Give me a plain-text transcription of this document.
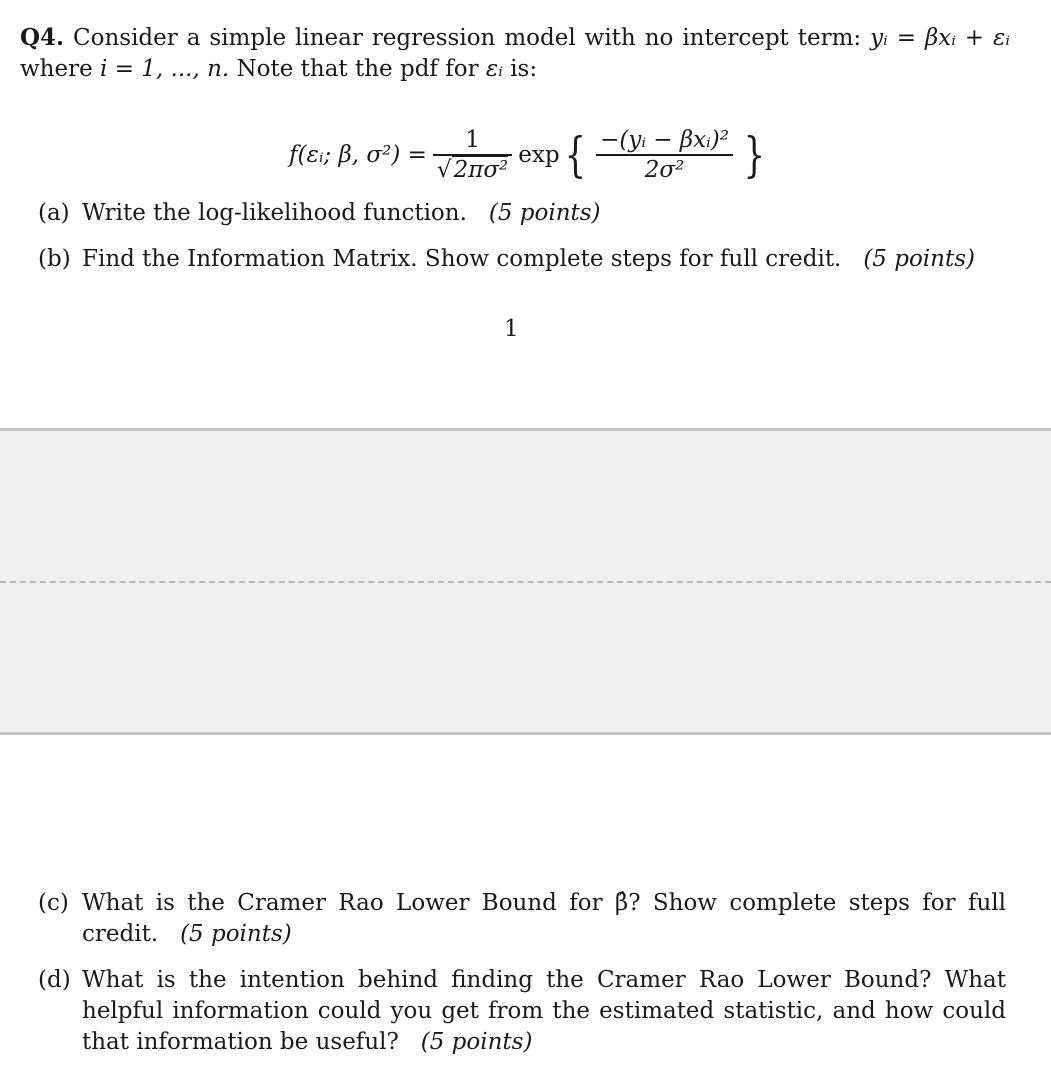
Q4. Consider a simple linear regression model with no intercept term: yᵢ = βxᵢ + εᵢ where i = 1, ..., n. Note that the pdf for εᵢ is:
f(εᵢ; β, $\sigma^2) = \frac{1}{\text{√2πσ²}}$ exp { $\frac{\text{−(yᵢ − βxᵢ)²}}{\text{2σ²}}$ }
(a) Write the log-likelihood function. (5 points)
(b) Find the Information Matrix. Show complete steps for full credit. (5 points)
1
(c) What is the Cramer Rao Lower Bound for β̂? Show complete steps for full credit. (5 points)
(d) What is the intention behind finding the Cramer Rao Lower Bound? What helpful information could you get from the estimated statistic, and how could that information be useful? (5 points)
